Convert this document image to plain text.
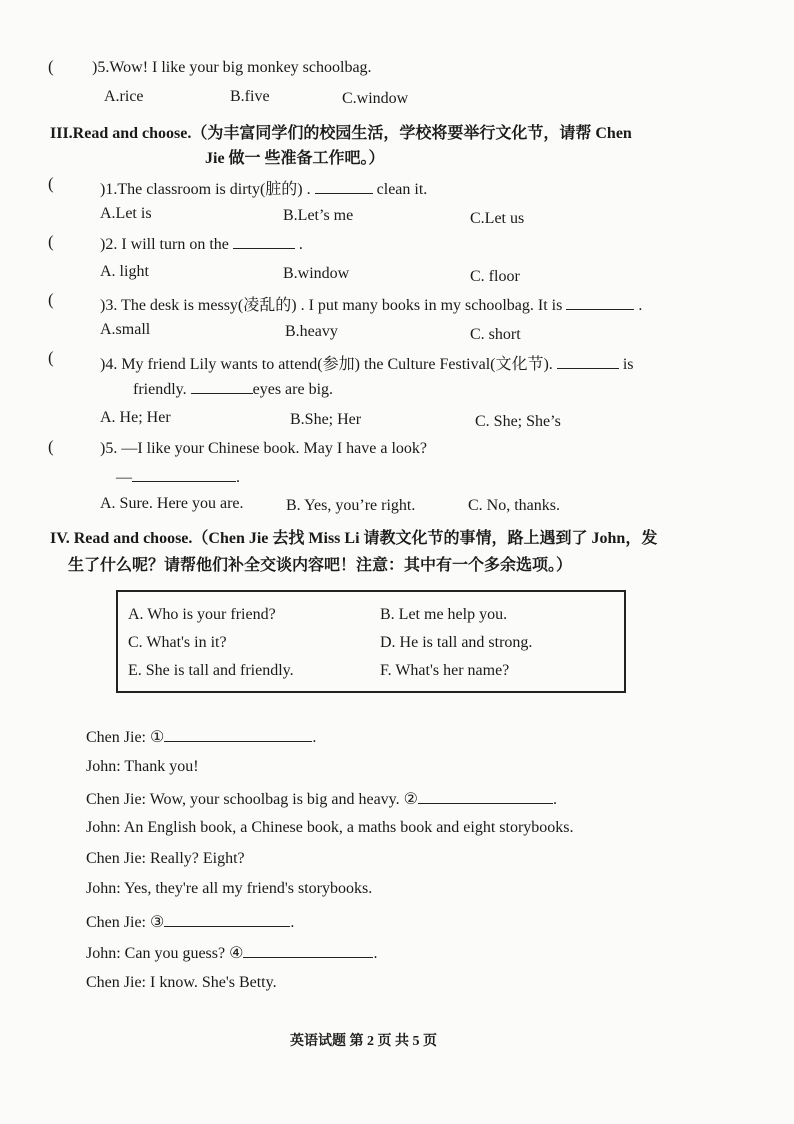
( )5.Wow! I like your big monkey schoolbag.
A.rice	B.five	C.window
III.Read and choose.（为丰富同学们的校园生活，学校将要举行文化节，请帮 Chen
Jie 做一 些准备工作吧。）
(	)1.The classroom is dirty(脏的) .	clean it.
A.Let is	B.Let’s me	C.Let us
(	)2. I will turn on the	.
A. light	B.window	C. floor
(	)3. The desk is messy(凌乱的) . I put many books in my schoolbag. It is	.
A.small	B.heavy	C. short
(	)4. My friend Lily wants to attend(参加) the Culture Festival(文化节).	is
friendly.	eyes are big.
A. He; Her	B.She; Her	C. She; She’s
(	)5. —I like your Chinese book. May I have a look?
—	.
A. Sure. Here you are.	B. Yes, you’re right.	C. No, thanks.
IV. Read and choose.（Chen Jie 去找 Miss Li 请教文化节的事情，路上遇到了 John，发
生了什么呢？请帮他们补全交谈内容吧！注意：其中有一个多余选项。）
A. Who is your friend?	B. Let me help you.
C. What's in it?	D. He is tall and strong.
E. She is tall and friendly.	F. What's her name?
Chen Jie: ①	.
John: Thank you!
Chen Jie: Wow, your schoolbag is big and heavy. ②	.
John: An English book, a Chinese book, a maths book and eight storybooks.
Chen Jie: Really? Eight?
John: Yes, they're all my friend's storybooks.
Chen Jie: ③	.
John: Can you guess? ④	.
Chen Jie: I know. She's Betty.
英语试题 第 2 页 共 5 页
